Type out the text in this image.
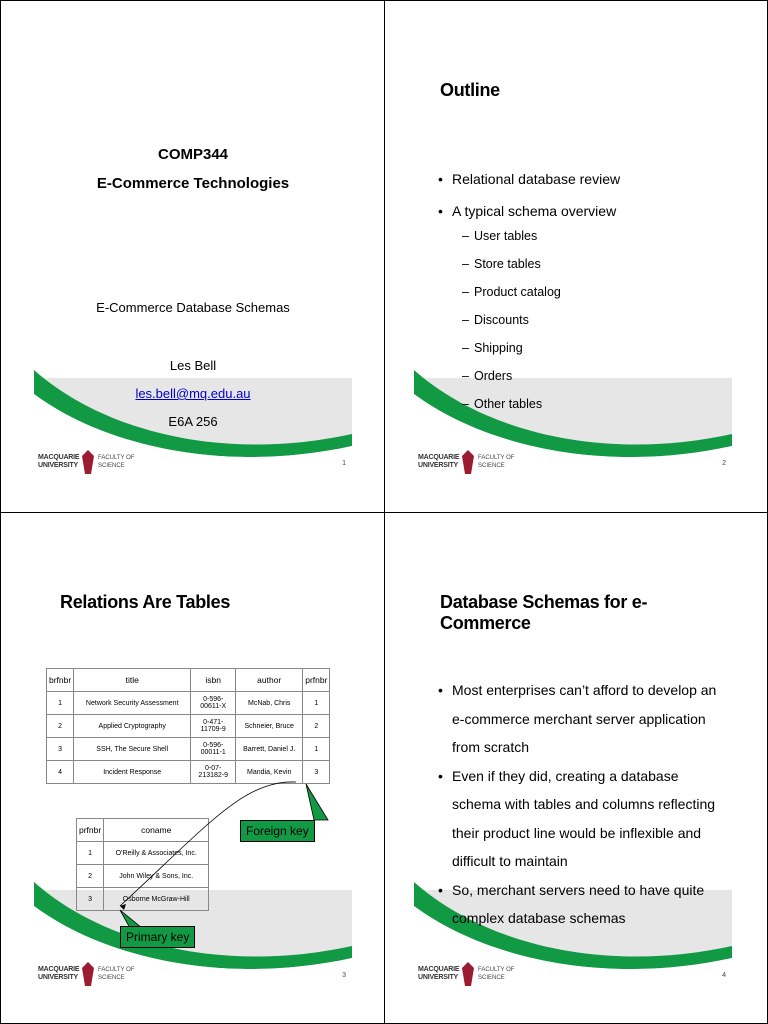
COMP344
E-Commerce Technologies
E-Commerce Database Schemas
Les Bell
les.bell@mq.edu.au
E6A 256
MACQUARIE
UNIVERSITY
FACULTY OF
SCIENCE	1
Outline
• Relational database review
• A typical schema overview
– User tables
– Store tables
– Product catalog
– Discounts
– Shipping
– Orders
– Other tables
MACQUARIE
UNIVERSITY
FACULTY OF
SCIENCE	2
Relations Are Tables
brfnbr	title	isbn	author	prfnbr
1	Network Security Assessment	0-596-00611-X	McNab, Chris	1
2	Applied Cryptography	0-471-11709-9	Schneier, Bruce	2
3	SSH, The Secure Shell	0-596-00011-1	Barrett, Daniel J.	1
4	Incident Response	0-07-213182-9	Mandia, Kevin	3
prfnbr	coname
1	O'Reilly & Associates, Inc.
2	John Wiley & Sons, Inc.
3	Osborne McGraw-Hill
Foreign key
Primary key
MACQUARIE
UNIVERSITY
FACULTY OF
SCIENCE	3
Database Schemas for e-Commerce
• Most enterprises can’t afford to develop an e-commerce merchant server application from scratch
• Even if they did, creating a database schema with tables and columns reflecting their product line would be inflexible and difficult to maintain
• So, merchant servers need to have quite complex database schemas
MACQUARIE
UNIVERSITY
FACULTY OF
SCIENCE	4
